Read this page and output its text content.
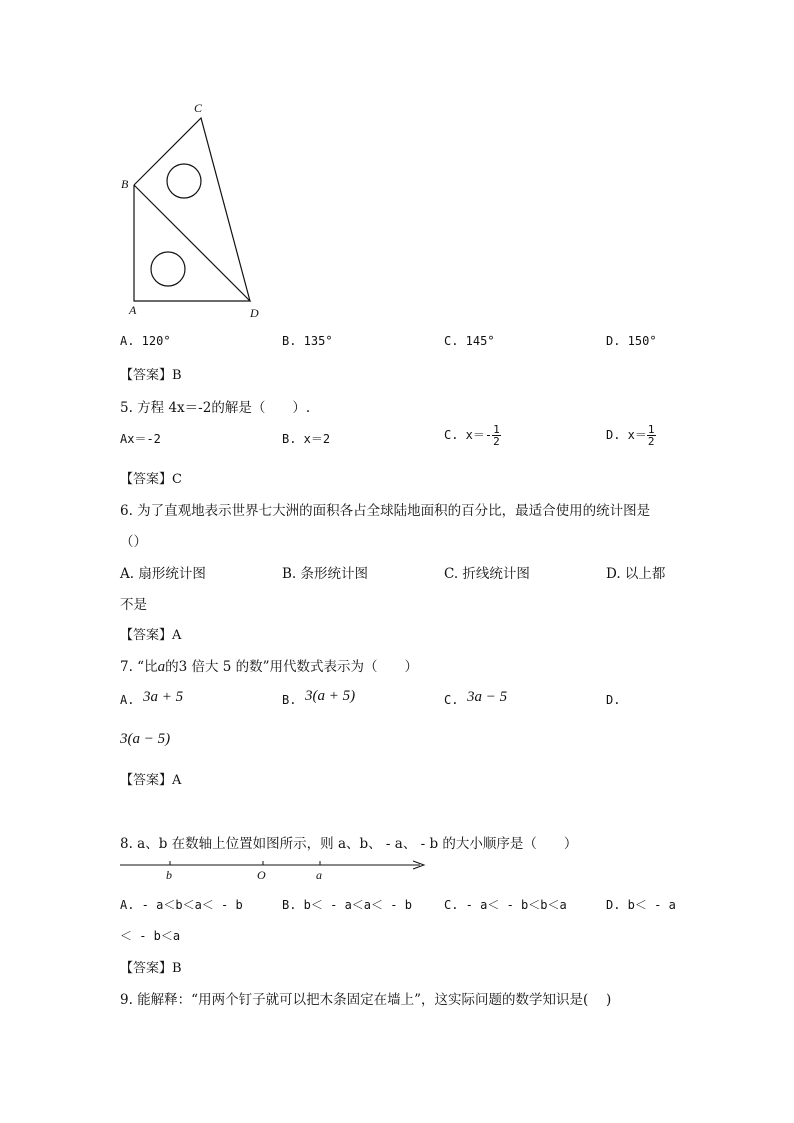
C
B
A	D
A. 120°	B. 135°	C. 145°	D. 150°
【答案】B
5. 方程 4x＝-2的解是（　　）.
Ax＝-2	B. x＝2	C. $x=- \frac{1}{2}$	D. $x= \frac{1}{2}$
【答案】C
6. 为了直观地表示世界七大洲的面积各占全球陆地面积的百分比，最适合使用的统计图是
（）
A. 扇形统计图	B. 条形统计图	C. 折线统计图	D. 以上都
不是
【答案】A
7. “比a的3 倍大 5 的数”用代数式表示为（　　）
A. 3a + 5	B. 3(a + 5)	C. 3a − 5	D.
3(a − 5)
【答案】A
8. a、b 在数轴上位置如图所示，则 a、b、 - a、 - b 的大小顺序是（　　）
b	O	a
A. - a＜b＜a＜ - b	B. b＜ - a＜a＜ - b	C. - a＜ - b＜b＜a	D. b＜ - a
＜ - b＜a
【答案】B
9. 能解释：“用两个钉子就可以把木条固定在墙上”，这实际问题的数学知识是(　 )
